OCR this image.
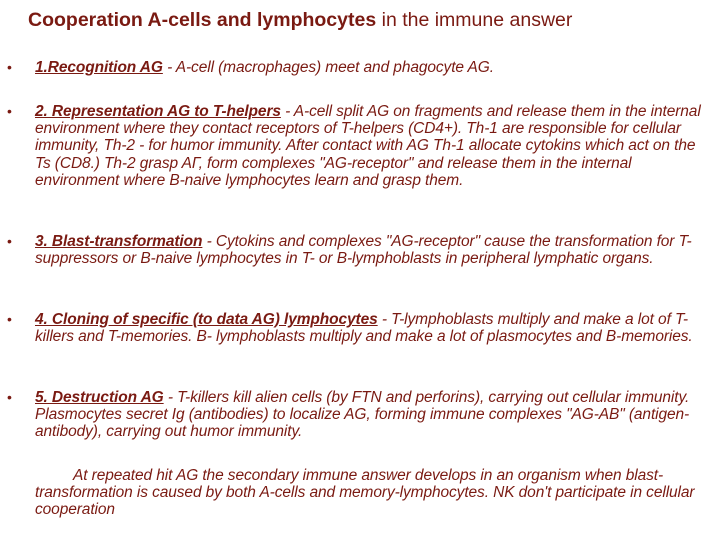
Cooperation A-cells and lymphocytes in the immune answer
• 1.Recognition AG - A-cell (macrophages) meet and phagocyte AG.
• 2. Representation AG to T-helpers - A-cell split AG on fragments and release them in the internal environment where they contact receptors of T-helpers (CD4+). Th-1 are responsible for cellular immunity, Th-2 - for humor immunity. After contact with AG Th-1 allocate cytokins which act on the Ts (CD8.) Th-2 grasp AГ, form complexes "AG-receptor" and release them in the internal environment where B-naive lymphocytes learn and grasp them.
• 3. Blast-transformation - Cytokins and complexes "AG-receptor" cause the transformation for T-suppressors or B-naive lymphocytes in T- or B-lymphoblasts in peripheral lymphatic organs.
• 4. Cloning of specific (to data AG) lymphocytes - T-lymphoblasts multiply and make a lot of T-killers and T-memories. B- lymphoblasts multiply and make a lot of plasmocytes and B-memories.
• 5. Destruction AG - T-killers kill alien cells (by FTN and perforins), carrying out cellular immunity. Plasmocytes secret Ig (antibodies) to localize AG, forming immune complexes "AG-AB" (antigen-antibody), carrying out humor immunity.
At repeated hit AG the secondary immune answer develops in an organism when blast-transformation is caused by both A-cells and memory-lymphocytes. NK don't participate in cellular cooperation
